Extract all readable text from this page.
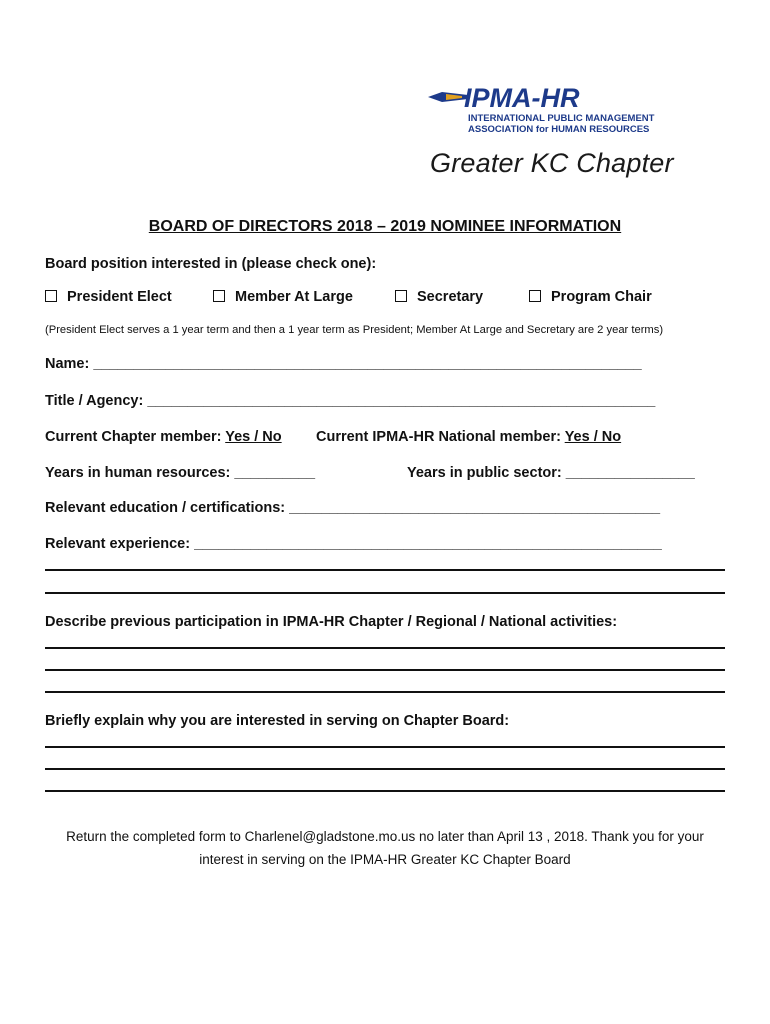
IPMA-HR
INTERNATIONAL PUBLIC MANAGEMENT
ASSOCIATION for HUMAN RESOURCES
Greater KC Chapter
BOARD OF DIRECTORS 2018 – 2019 NOMINEE INFORMATION
Board position interested in (please check one):
President Elect	Member At Large	Secretary	Program Chair
(President Elect serves a 1 year term and then a 1 year term as President; Member At Large and Secretary are 2 year terms)
Name: ____________________________________________________________________
Title / Agency: _______________________________________________________________
Current Chapter member: Yes / No Current IPMA-HR National member: Yes / No
Years in human resources: __________	Years in public sector: ________________
Relevant education / certifications: ______________________________________________
Relevant experience: __________________________________________________________
Describe previous participation in IPMA-HR Chapter / Regional / National activities:
Briefly explain why you are interested in serving on Chapter Board:
Return the completed form to Charlenel@gladstone.mo.us no later than April 13 , 2018. Thank you for your
interest in serving on the IPMA-HR Greater KC Chapter Board
